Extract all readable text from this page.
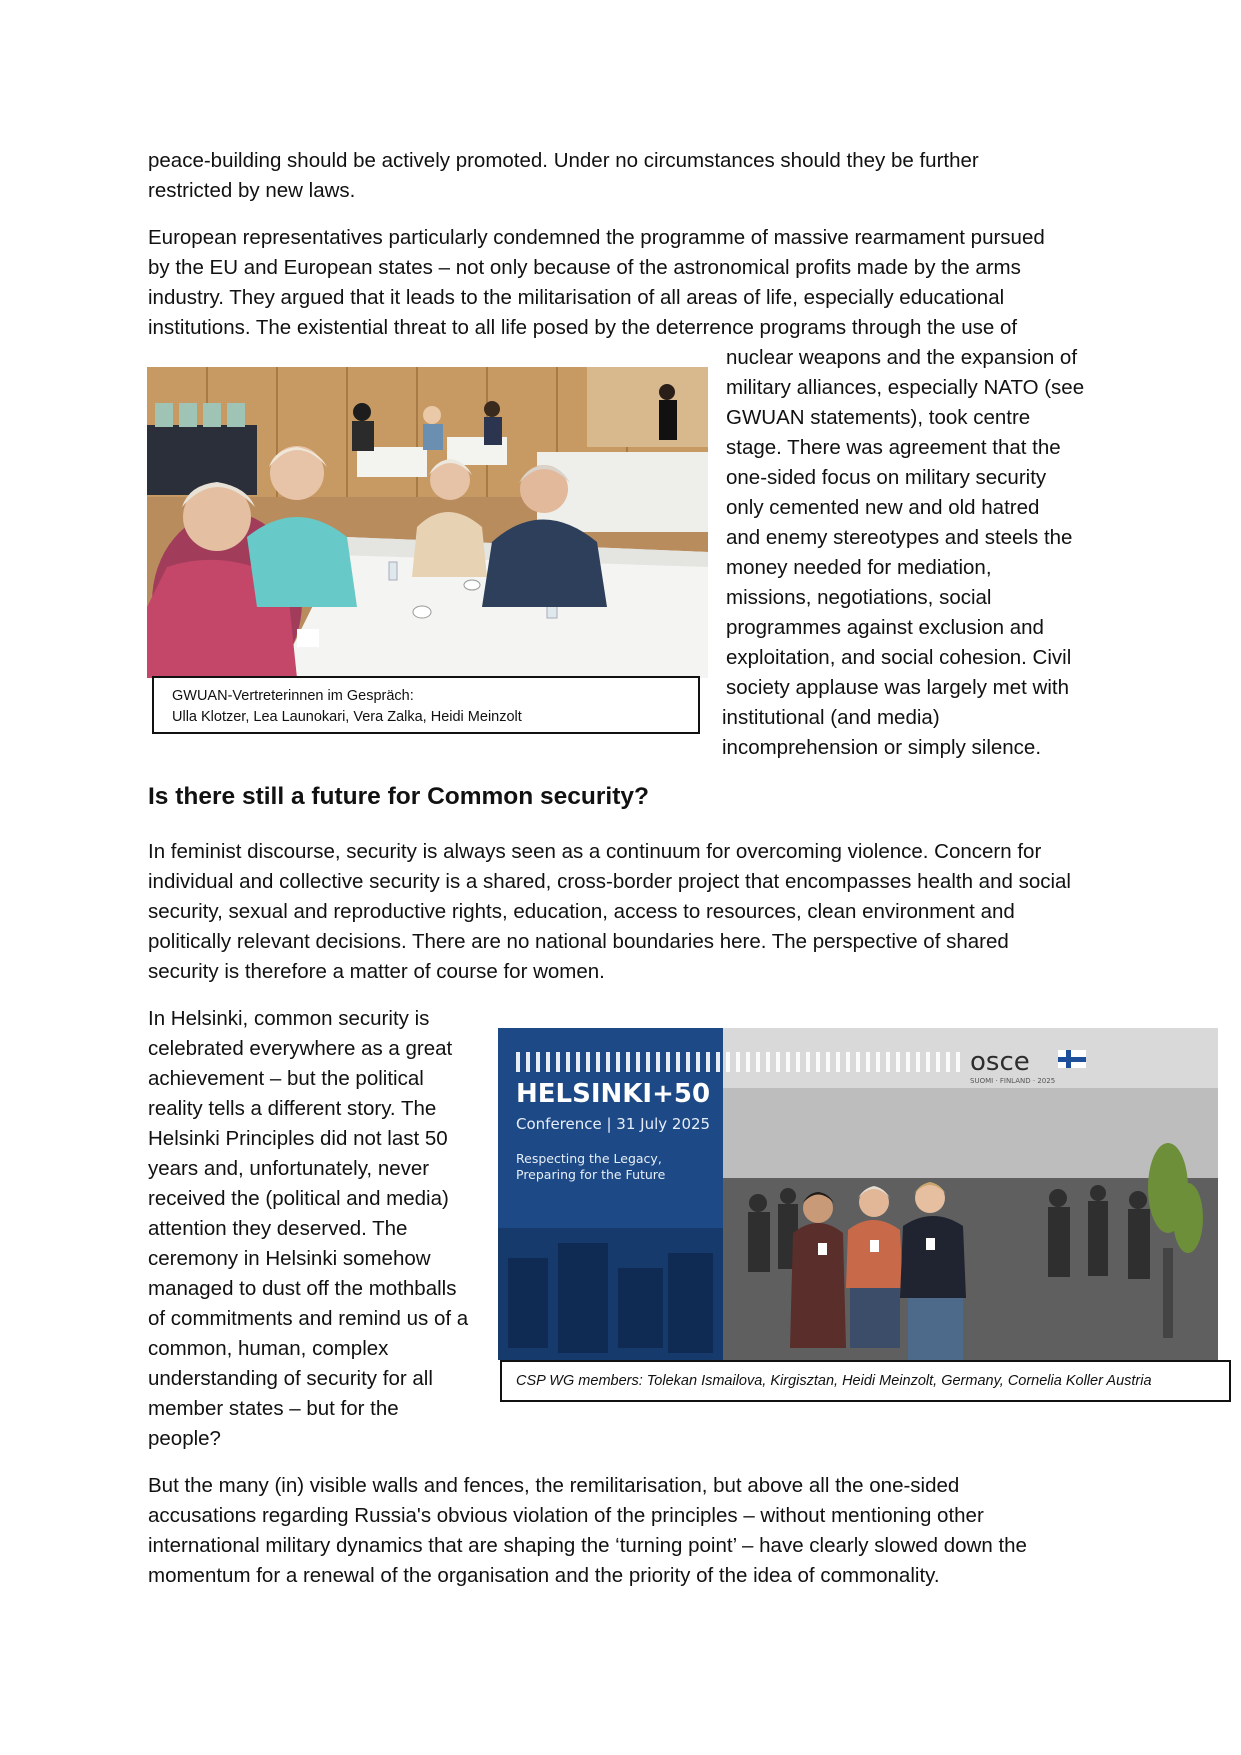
peace-building should be actively promoted. Under no circumstances should they be further
restricted by new laws.
European representatives particularly condemned the programme of massive rearmament pursued
by the EU and European states – not only because of the astronomical profits made by the arms
industry. They argued that it leads to the militarisation of all areas of life, especially educational
institutions. The existential threat to all life posed by the deterrence programs through the use of
nuclear weapons and the expansion of
military alliances, especially NATO (see
GWUAN statements), took centre
stage. There was agreement that the
one-sided focus on military security
only cemented new and old hatred
and enemy stereotypes and steels the
money needed for mediation,
missions, negotiations, social
programmes against exclusion and
exploitation, and social cohesion. Civil
society applause was largely met with
institutional (and media)
incomprehension or simply silence.
GWUAN-Vertreterinnen im Gespräch:
Ulla Klotzer, Lea Launokari, Vera Zalka, Heidi Meinzolt
Is there still a future for Common security?
In feminist discourse, security is always seen as a continuum for overcoming violence. Concern for
individual and collective security is a shared, cross-border project that encompasses health and social
security, sexual and reproductive rights, education, access to resources, clean environment and
politically relevant decisions. There are no national boundaries here. The perspective of shared
security is therefore a matter of course for women.
In Helsinki, common security is
celebrated everywhere as a great
achievement – but the political
reality tells a different story. The
Helsinki Principles did not last 50
years and, unfortunately, never
received the (political and media)
attention they deserved. The
ceremony in Helsinki somehow
managed to dust off the mothballs
of commitments and remind us of a
common, human, complex
understanding of security for all
member states – but for the
people?
HELSINKI+50
Conference | 31 July 2025
Respecting the Legacy,
Preparing for the Future
osce
SUOMI · FINLAND · 2025
CSP WG members: Tolekan Ismailova, Kirgisztan, Heidi Meinzolt, Germany, Cornelia Koller Austria
But the many (in) visible walls and fences, the remilitarisation, but above all the one-sided
accusations regarding Russia's obvious violation of the principles – without mentioning other
international military dynamics that are shaping the ‘turning point’ – have clearly slowed down the
momentum for a renewal of the organisation and the priority of the idea of commonality.
